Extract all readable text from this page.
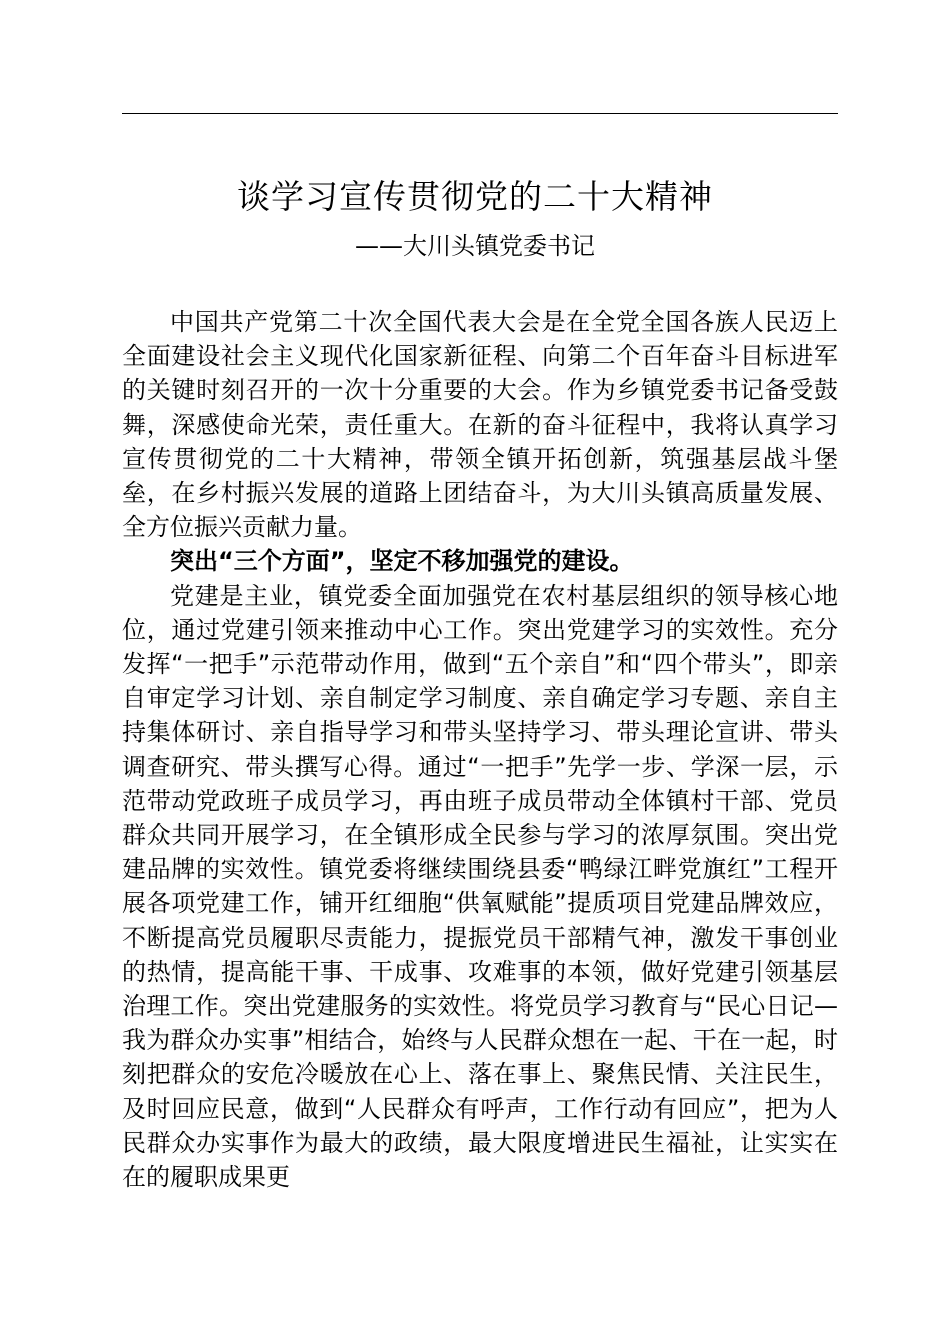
谈学习宣传贯彻党的二十大精神
——大川头镇党委书记

中国共产党第二十次全国代表大会是在全党全国各族人民迈上全面建设社会主义现代化国家新征程、向第二个百年奋斗目标进军的关键时刻召开的一次十分重要的大会。作为乡镇党委书记备受鼓舞，深感使命光荣，责任重大。在新的奋斗征程中，我将认真学习宣传贯彻党的二十大精神，带领全镇开拓创新，筑强基层战斗堡垒，在乡村振兴发展的道路上团结奋斗，为大川头镇高质量发展、全方位振兴贡献力量。

突出“三个方面”，坚定不移加强党的建设。

党建是主业，镇党委全面加强党在农村基层组织的领导核心地位，通过党建引领来推动中心工作。突出党建学习的实效性。充分发挥“一把手”示范带动作用，做到“五个亲自”和“四个带头”，即亲自审定学习计划、亲自制定学习制度、亲自确定学习专题、亲自主持集体研讨、亲自指导学习和带头坚持学习、带头理论宣讲、带头调查研究、带头撰写心得。通过“一把手”先学一步、学深一层，示范带动党政班子成员学习，再由班子成员带动全体镇村干部、党员群众共同开展学习，在全镇形成全民参与学习的浓厚氛围。突出党建品牌的实效性。镇党委将继续围绕县委“鸭绿江畔党旗红”工程开展各项党建工作，铺开红细胞“供氧赋能”提质项目党建品牌效应，不断提高党员履职尽责能力，提振党员干部精气神，激发干事创业的热情，提高能干事、干成事、攻难事的本领，做好党建引领基层治理工作。突出党建服务的实效性。将党员学习教育与“民心日记—我为群众办实事”相结合，始终与人民群众想在一起、干在一起，时刻把群众的安危冷暖放在心上、落在事上、聚焦民情、关注民生，及时回应民意，做到“人民群众有呼声，工作行动有回应”，把为人民群众办实事作为最大的政绩，最大限度增进民生福祉，让实实在在的履职成果更
